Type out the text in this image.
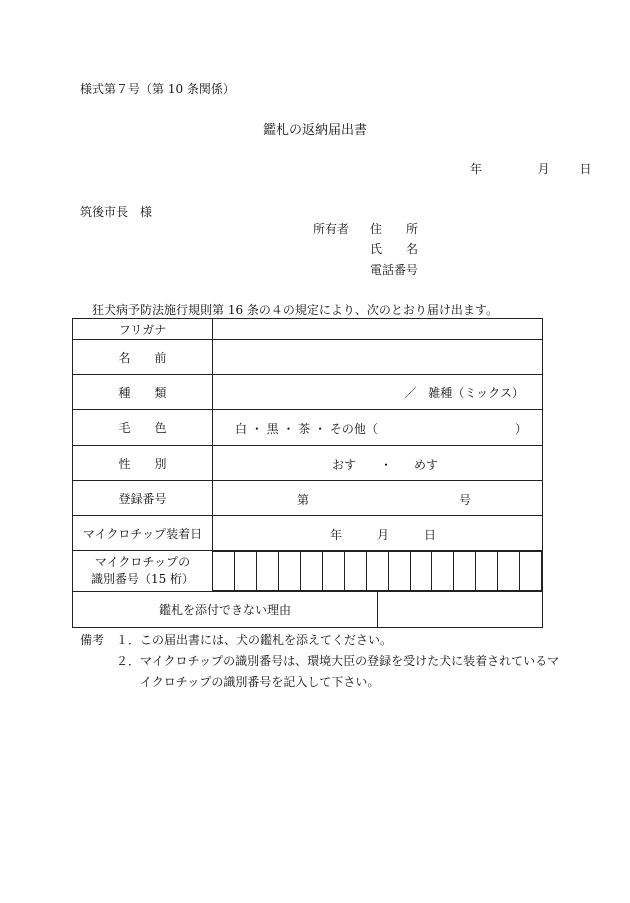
様式第７号（第 10 条関係）
鑑札の返納届出書
年	月 日
筑後市長　様
所有者 住　　所
氏　　名
電話番号
狂犬病予防法施行規則第 16 条の４の規定により、次のとおり届け出ます。
フリガナ	
名　　前	
種　　類	／　雑種（ミックス）
毛　　色	白 ・ 黒 ・ 茶 ・ その他（	）

性　　別	おす ・ めす

登録番号	第	号

マイクロチップ装着日	年	月	日

マイクロチップの
識別番号（15 桁）

鑑札を添付できない理由	
備考 １． この届出書には、犬の鑑札を添えてください。
２． マイクロチップの識別番号は、環境大臣の登録を受けた犬に装着されているマ
イクロチップの識別番号を記入して下さい。
